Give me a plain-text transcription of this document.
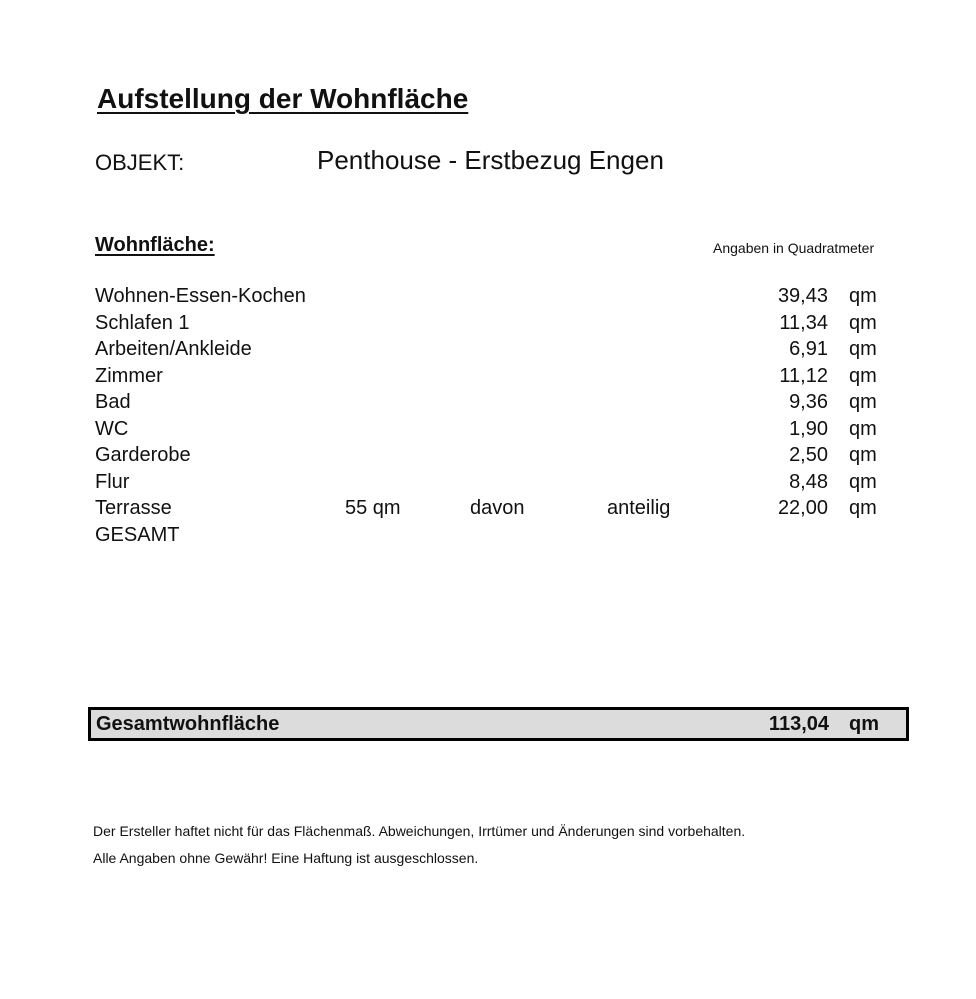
Aufstellung der Wohnfläche
OBJEKT:	Penthouse - Erstbezug Engen
Wohnfläche:	Angaben in Quadratmeter
Wohnen-Essen-Kochen	39,43 qm
Schlafen 1	11,34 qm
Arbeiten/Ankleide	6,91 qm
Zimmer	11,12 qm
Bad	9,36 qm
WC	1,90 qm
Garderobe	2,50 qm
Flur	8,48 qm
Terrasse	55 qm	davon	anteilig	22,00 qm
GESAMT
Gesamtwohnfläche	113,04 qm
Der Ersteller haftet nicht für das Flächenmaß. Abweichungen, Irrtümer und Änderungen sind vorbehalten.
Alle Angaben ohne Gewähr! Eine Haftung ist ausgeschlossen.
